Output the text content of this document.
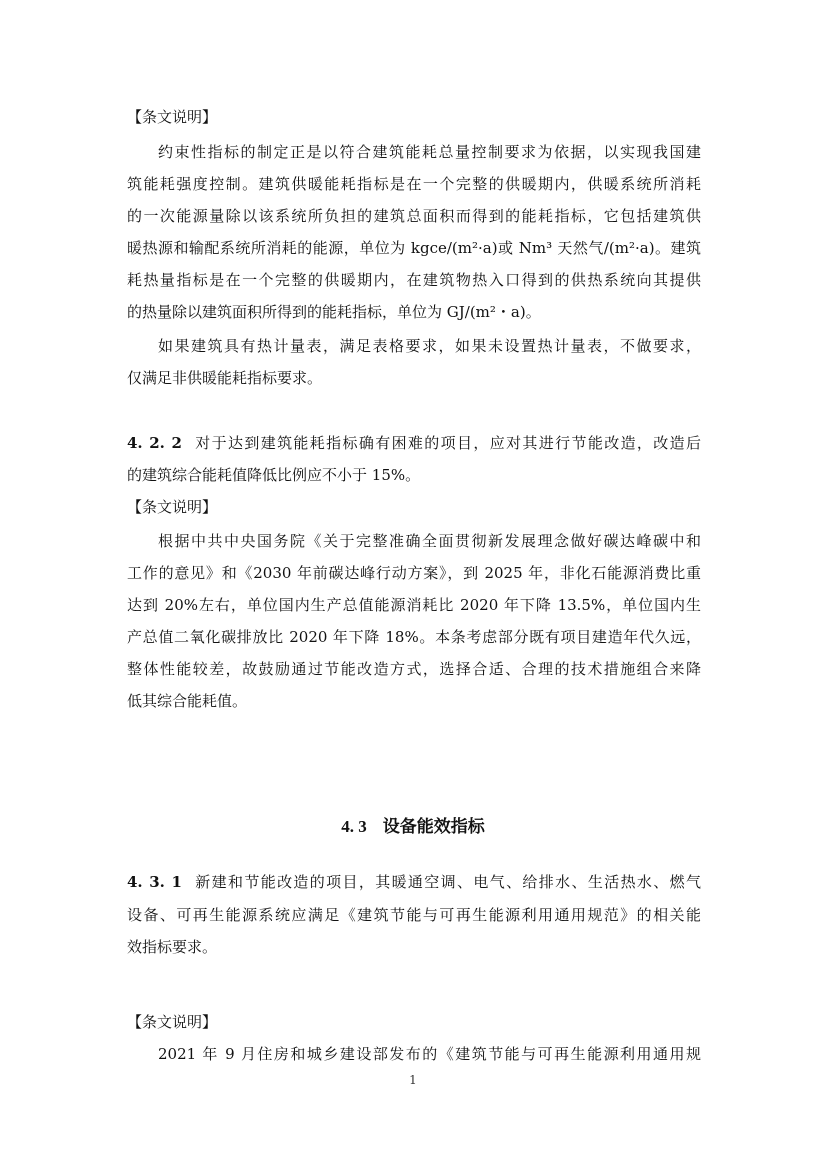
【条文说明】
约束性指标的制定正是以符合建筑能耗总量控制要求为依据，以实现我国建
筑能耗强度控制。建筑供暖能耗指标是在一个完整的供暖期内，供暖系统所消耗
的一次能源量除以该系统所负担的建筑总面积而得到的能耗指标，它包括建筑供
暖热源和输配系统所消耗的能源，单位为 kgce/(m²·a)或 Nm³ 天然气/(m²·a)。建筑
耗热量指标是在一个完整的供暖期内，在建筑物热入口得到的供热系统向其提供
的热量除以建筑面积所得到的能耗指标，单位为 GJ/(m²・a)。
如果建筑具有热计量表，满足表格要求，如果未设置热计量表，不做要求，
仅满足非供暖能耗指标要求。
4. 2. 2 对于达到建筑能耗指标确有困难的项目，应对其进行节能改造，改造后
的建筑综合能耗值降低比例应不小于 15%。
【条文说明】
根据中共中央国务院《关于完整准确全面贯彻新发展理念做好碳达峰碳中和
工作的意见》和《2030 年前碳达峰行动方案》，到 2025 年，非化石能源消费比重
达到 20%左右，单位国内生产总值能源消耗比 2020 年下降 13.5%，单位国内生
产总值二氧化碳排放比 2020 年下降 18%。本条考虑部分既有项目建造年代久远，
整体性能较差，故鼓励通过节能改造方式，选择合适、合理的技术措施组合来降
低其综合能耗值。
4. 3 设备能效指标
4. 3. 1 新建和节能改造的项目，其暖通空调、电气、给排水、生活热水、燃气
设备、可再生能源系统应满足《建筑节能与可再生能源利用通用规范》的相关能
效指标要求。
【条文说明】
2021 年 9 月住房和城乡建设部发布的《建筑节能与可再生能源利用通用规
1
